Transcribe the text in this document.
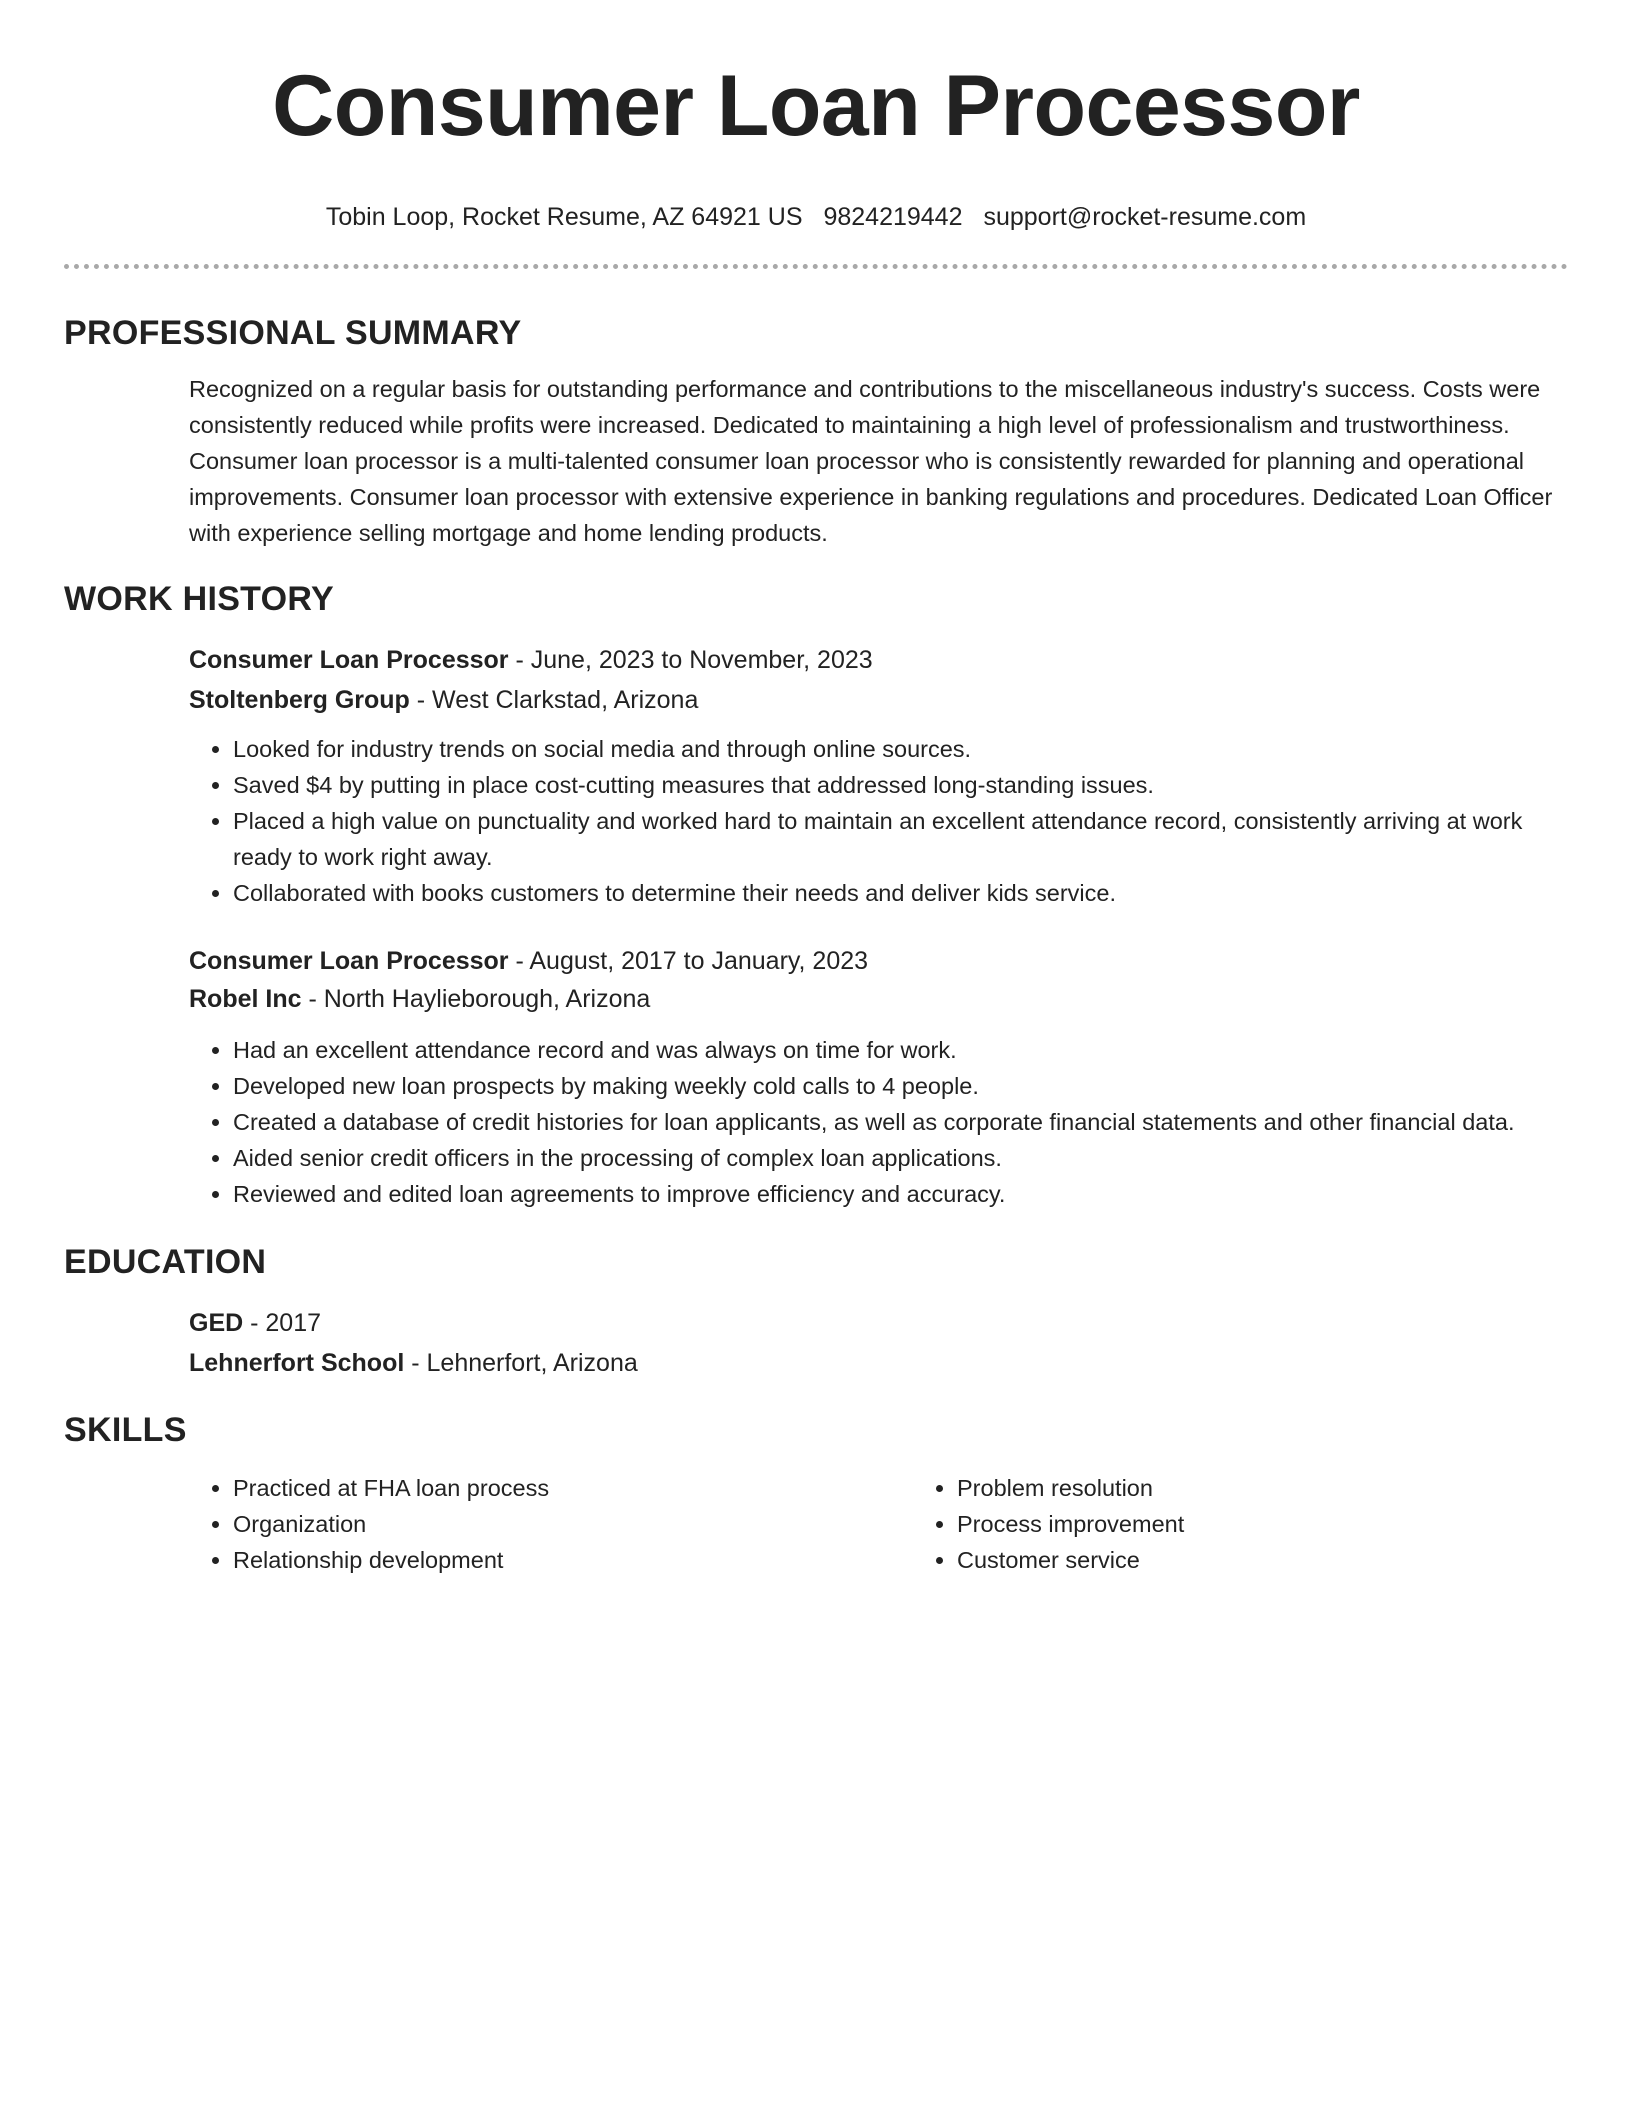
Consumer Loan Processor
Tobin Loop, Rocket Resume, AZ 64921 US 9824219442 support@rocket-resume.com
PROFESSIONAL SUMMARY

Recognized on a regular basis for outstanding performance and contributions to the miscellaneous industry's success. Costs were consistently reduced while profits were increased. Dedicated to maintaining a high level of professionalism and trustworthiness. Consumer loan processor is a multi-talented consumer loan processor who is consistently rewarded for planning and operational improvements. Consumer loan processor with extensive experience in banking regulations and procedures. Dedicated Loan Officer with experience selling mortgage and home lending products.

WORK HISTORY

Consumer Loan Processor - June, 2023 to November, 2023

Stoltenberg Group - West Clarkstad, Arizona

• Looked for industry trends on social media and through online sources.
• Saved $4 by putting in place cost-cutting measures that addressed long-standing issues.
• Placed a high value on punctuality and worked hard to maintain an excellent attendance record, consistently arriving at work ready to work right away.
• Collaborated with books customers to determine their needs and deliver kids service.

Consumer Loan Processor - August, 2017 to January, 2023

Robel Inc - North Haylieborough, Arizona

• Had an excellent attendance record and was always on time for work.
• Developed new loan prospects by making weekly cold calls to 4 people.
• Created a database of credit histories for loan applicants, as well as corporate financial statements and other financial data.
• Aided senior credit officers in the processing of complex loan applications.
• Reviewed and edited loan agreements to improve efficiency and accuracy.
EDUCATION

GED - 2017

Lehnerfort School - Lehnerfort, Arizona

SKILLS
• Practiced at FHA loan process
• Organization
• Relationship development
• Problem resolution
• Process improvement
• Customer service
